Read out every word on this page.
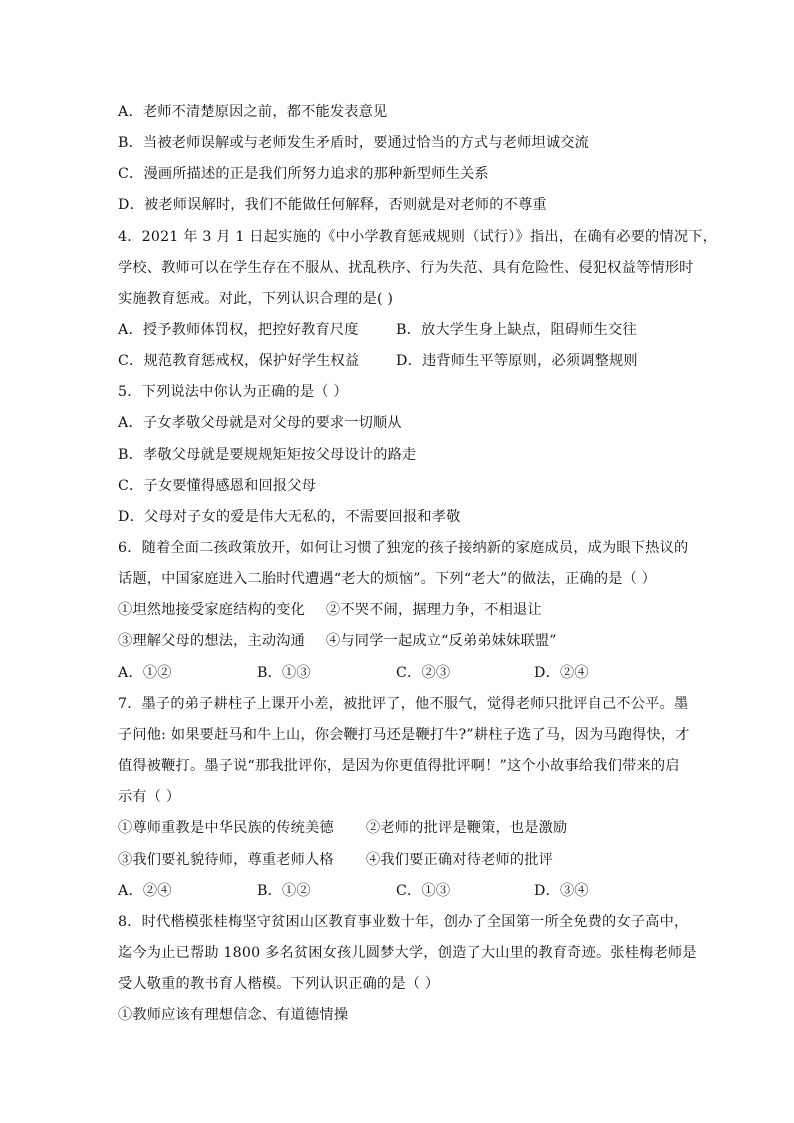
A．老师不清楚原因之前，都不能发表意见
B．当被老师误解或与老师发生矛盾时，要通过恰当的方式与老师坦诚交流
C．漫画所描述的正是我们所努力追求的那种新型师生关系
D．被老师误解时，我们不能做任何解释，否则就是对老师的不尊重
4．2021 年 3 月 1 日起实施的《中小学教育惩戒规则（试行）》指出，在确有必要的情况下，
学校、教师可以在学生存在不服从、扰乱秩序、行为失范、具有危险性、侵犯权益等情形时
实施教育惩戒。对此，下列认识合理的是( )
A．授予教师体罚权，把控好教育尺度	B．放大学生身上缺点，阻碍师生交往
C．规范教育惩戒权，保护好学生权益	D．违背师生平等原则，必须调整规则
5．下列说法中你认为正确的是（ ）
A．子女孝敬父母就是对父母的要求一切顺从
B．孝敬父母就是要规规矩矩按父母设计的路走
C．子女要懂得感恩和回报父母
D．父母对子女的爱是伟大无私的，不需要回报和孝敬
6．随着全面二孩政策放开，如何让习惯了独宠的孩子接纳新的家庭成员，成为眼下热议的
话题，中国家庭进入二胎时代遭遇“老大的烦恼”。下列“老大”的做法，正确的是（ ）
①坦然地接受家庭结构的变化 ②不哭不闹，据理力争，不相退让
③理解父母的想法，主动沟通 ④与同学一起成立“反弟弟妹妹联盟”
A．①②	B．①③	C．②③	D．②④
7．墨子的弟子耕柱子上课开小差，被批评了，他不服气，觉得老师只批评自己不公平。墨
子问他: 如果要赶马和牛上山，你会鞭打马还是鞭打牛?”耕柱子选了马，因为马跑得快，才
值得被鞭打。墨子说“那我批评你，是因为你更值得批评啊！”这个小故事给我们带来的启
示有（ ）
①尊师重教是中华民族的传统美德 ②老师的批评是鞭策，也是激励
③我们要礼貌待师，尊重老师人格 ④我们要正确对待老师的批评
A．②④	B．①②	C．①③	D．③④
8．时代楷模张桂梅坚守贫困山区教育事业数十年，创办了全国第一所全免费的女子高中，
迄今为止已帮助 1800 多名贫困女孩儿圆梦大学，创造了大山里的教育奇迹。张桂梅老师是
受人敬重的教书育人楷模。下列认识正确的是（ ）
①教师应该有理想信念、有道德情操
